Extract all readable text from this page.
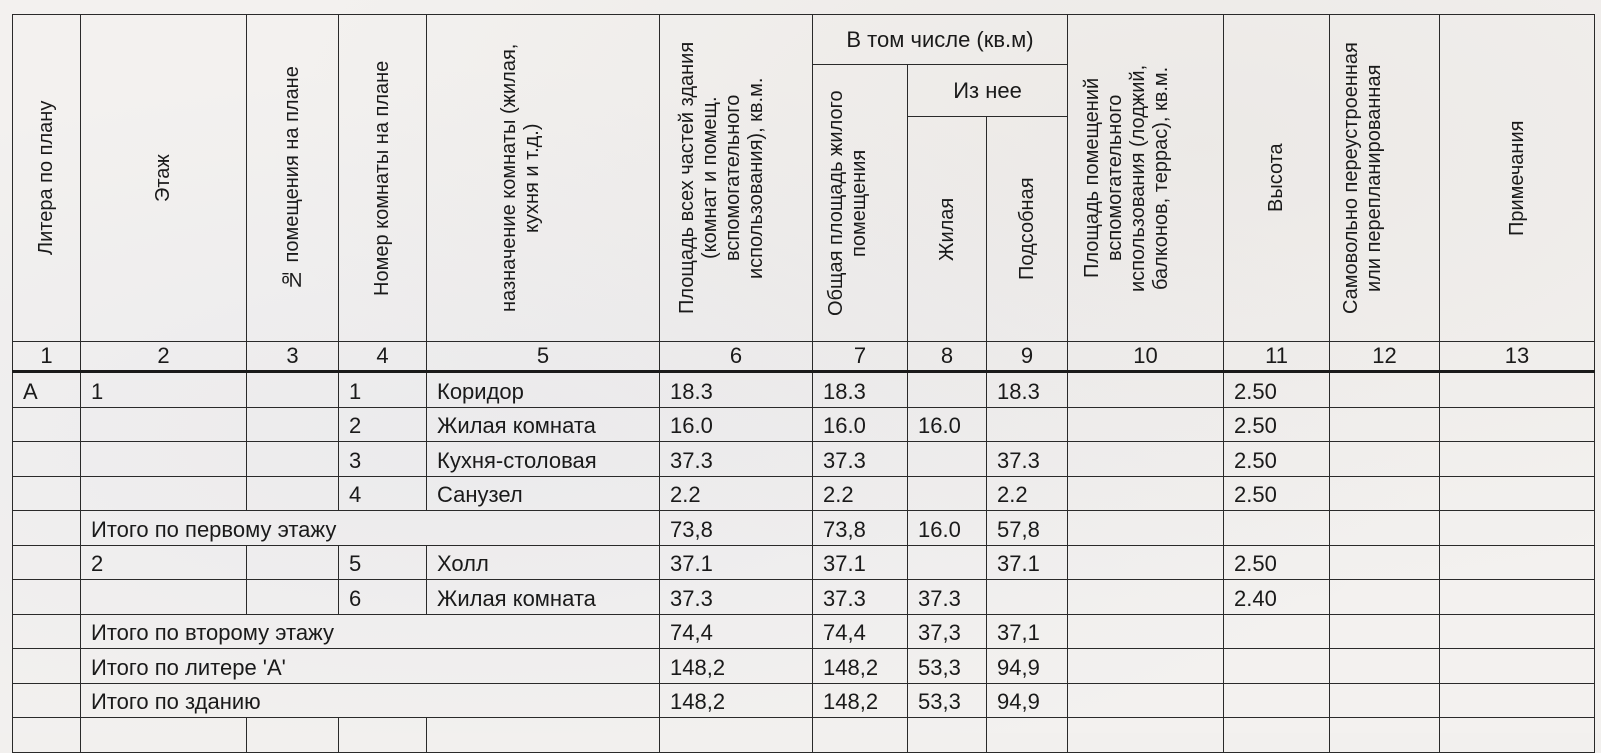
Литера по плану	Этаж	№ помещения на плане	Номер комнаты на плане	назначение комнаты (жилая, кухня и т.д.)	Площадь всех частей здания (комнат и помещ. вспомогательного использования), кв.м.	В том числе (кв.м)			Площадь помещений вспомогательного использования (лоджий, балконов, террас), кв.м.	Высота	Самовольно переустроенная или перепланированная	Примечания

						Общая площадь жилого помещения	Из нее					

							Жилая	Подсобная				

1	2	3	4	5	6	7	8	9	10	11	12	13
А	1		1	Коридор	18.3	18.3		18.3		2.50		
			2	Жилая комната	16.0	16.0	16.0			2.50		
			3	Кухня-столовая	37.3	37.3		37.3		2.50		
			4	Санузел	2.2	2.2		2.2		2.50		
	Итого по первому этажу				73,8	73,8	16.0	57,8				
	2		5	Холл	37.1	37.1		37.1		2.50		
			6	Жилая комната	37.3	37.3	37.3			2.40		
	Итого по второму этажу				74,4	74,4	37,3	37,1				
	Итого по литере 'А'				148,2	148,2	53,3	94,9				
	Итого по зданию				148,2	148,2	53,3	94,9				
